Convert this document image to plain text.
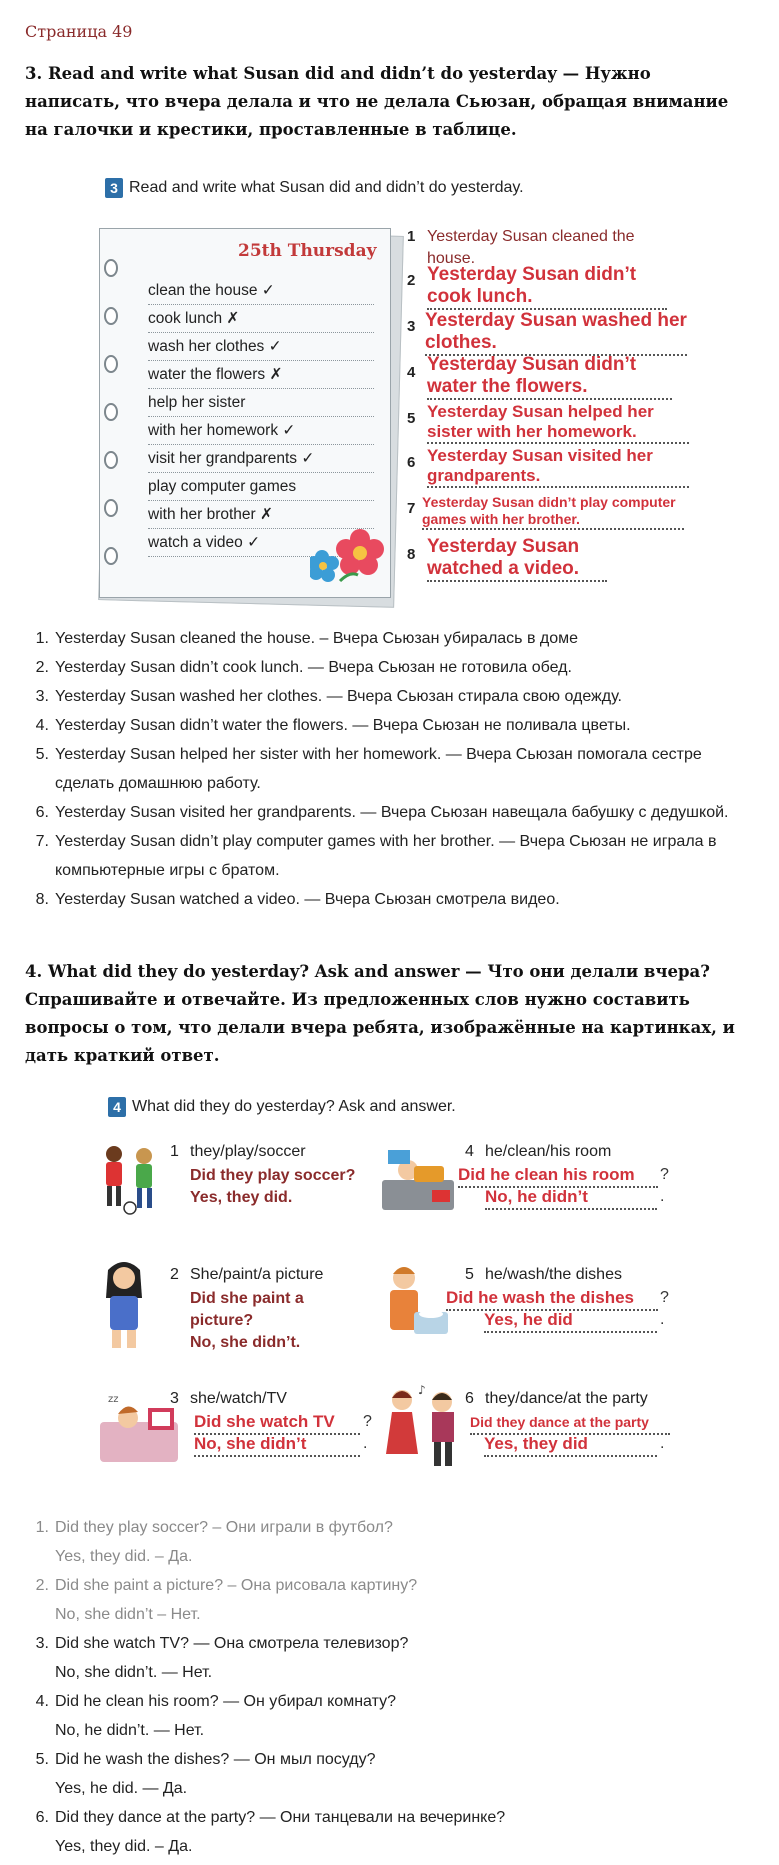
Страница 49
3. Read and write what Susan did and didn’t do yesterday — Нужно написать, что вчера делала и что не делала Сьюзан, обращая внимание на галочки и крестики, проставленные в таблице.
3 Read and write what Susan did and didn’t do yesterday.
25th Thursday
clean the house ✓
cook lunch ✗
wash her clothes ✓
water the flowers ✗
help her sister
with her homework ✓
visit her grandparents ✓
play computer games
with her brother ✗
watch a video ✓
1 Yesterday Susan cleaned the house.
2 Yesterday Susan didn’t cook lunch.
3 Yesterday Susan washed her clothes.
4 Yesterday Susan didn’t water the flowers.
5 Yesterday Susan helped her sister with her homework.
6 Yesterday Susan visited her grandparents.
7 Yesterday Susan didn’t play computer games with her brother.
8 Yesterday Susan watched a video.
1. Yesterday Susan cleaned the house. – Вчера Сьюзан убиралась в доме
2. Yesterday Susan didn’t cook lunch. — Вчера Сьюзан не готовила обед.
3. Yesterday Susan washed her clothes. — Вчера Сьюзан стирала свою одежду.
4. Yesterday Susan didn’t water the flowers. — Вчера Сьюзан не поливала цветы.
5. Yesterday Susan helped her sister with her homework. — Вчера Сьюзан помогала сестре сделать домашнюю работу.
6. Yesterday Susan visited her grandparents. — Вчера Сьюзан навещала бабушку с дедушкой.
7. Yesterday Susan didn’t play computer games with her brother. — Вчера Сьюзан не играла в компьютерные игры с братом.
8. Yesterday Susan watched a video. — Вчера Сьюзан смотрела видео.
4. What did they do yesterday? Ask and answer — Что они делали вчера? Спрашивайте и отвечайте. Из предложенных слов нужно составить вопросы о том, что делали вчера ребята, изображённые на картинках, и дать краткий ответ.
4 What did they do yesterday? Ask and answer.
zz
♪
1 they/play/soccer
Did they play soccer?
Yes, they did.
2 She/paint/a picture
Did she paint a picture?
No, she didn’t.
3 she/watch/TV
Did she watch TV	?
No, she didn’t	.
4 he/clean/his room
Did he clean his room	?
No, he didn’t	.
5 he/wash/the dishes
Did he wash the dishes	?
Yes, he did	.
6 they/dance/at the party
Did they dance at the party
Yes, they did	.
1. Did they play soccer? – Они играли в футбол?
Yes, they did. – Да.
2. Did she paint a picture? – Она рисовала картину?
No, she didn’t – Нет.
3. Did she watch TV? — Она смотрела телевизор?
No, she didn’t. — Нет.
4. Did he clean his room? — Он убирал комнату?
No, he didn’t. — Нет.
5. Did he wash the dishes? — Он мыл посуду?
Yes, he did. — Да.
6. Did they dance at the party? — Они танцевали на вечеринке?
Yes, they did. – Да.
